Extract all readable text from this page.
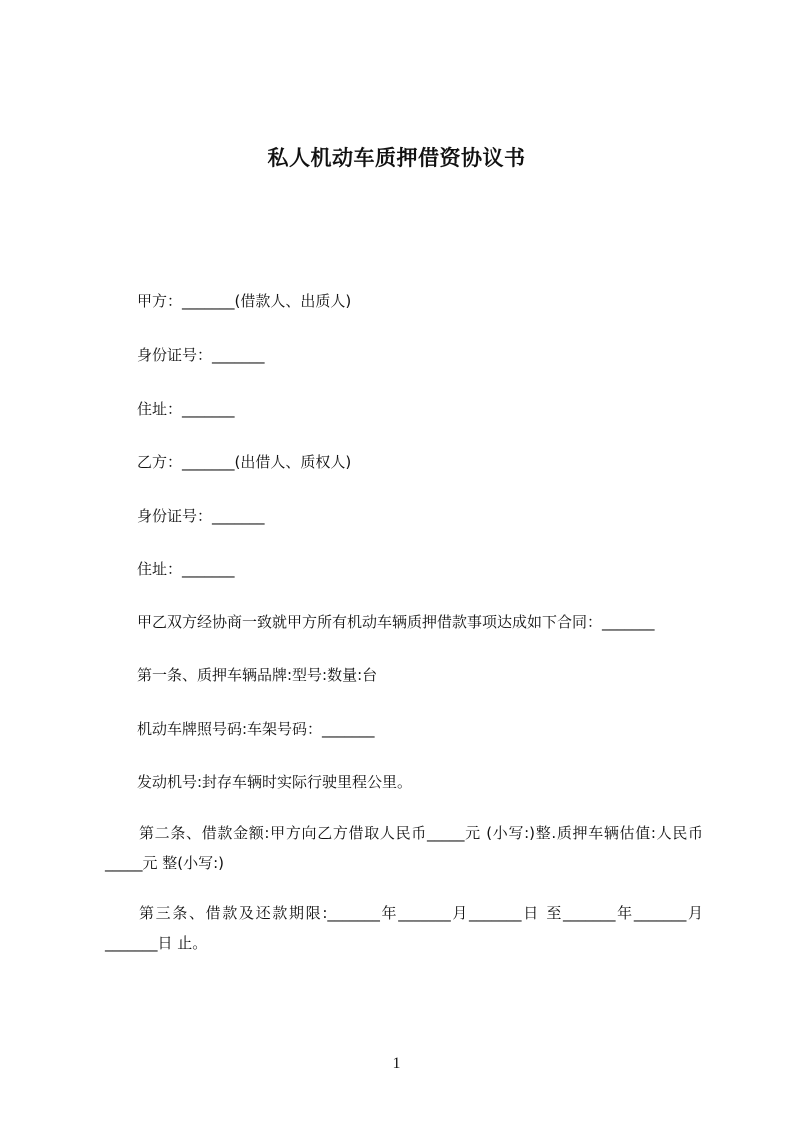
私人机动车质押借资协议书

甲方：_______(借款人、出质人)

身份证号：_______

住址：_______

乙方：_______(出借人、质权人)

身份证号：_______

住址：_______

甲乙双方经协商一致就甲方所有机动车辆质押借款事项达成如下合同：_______

第一条、质押车辆品牌:型号:数量:台

机动车牌照号码:车架号码：_______

发动机号:封存车辆时实际行驶里程公里。

第二条、借款金额:甲方向乙方借取人民币_____元 (小写:)整.质押车辆估值:人民币_____元 整(小写:)

第三条、借款及还款期限:_______年_______月_______日 至_______年_______月_______日 止。

1
